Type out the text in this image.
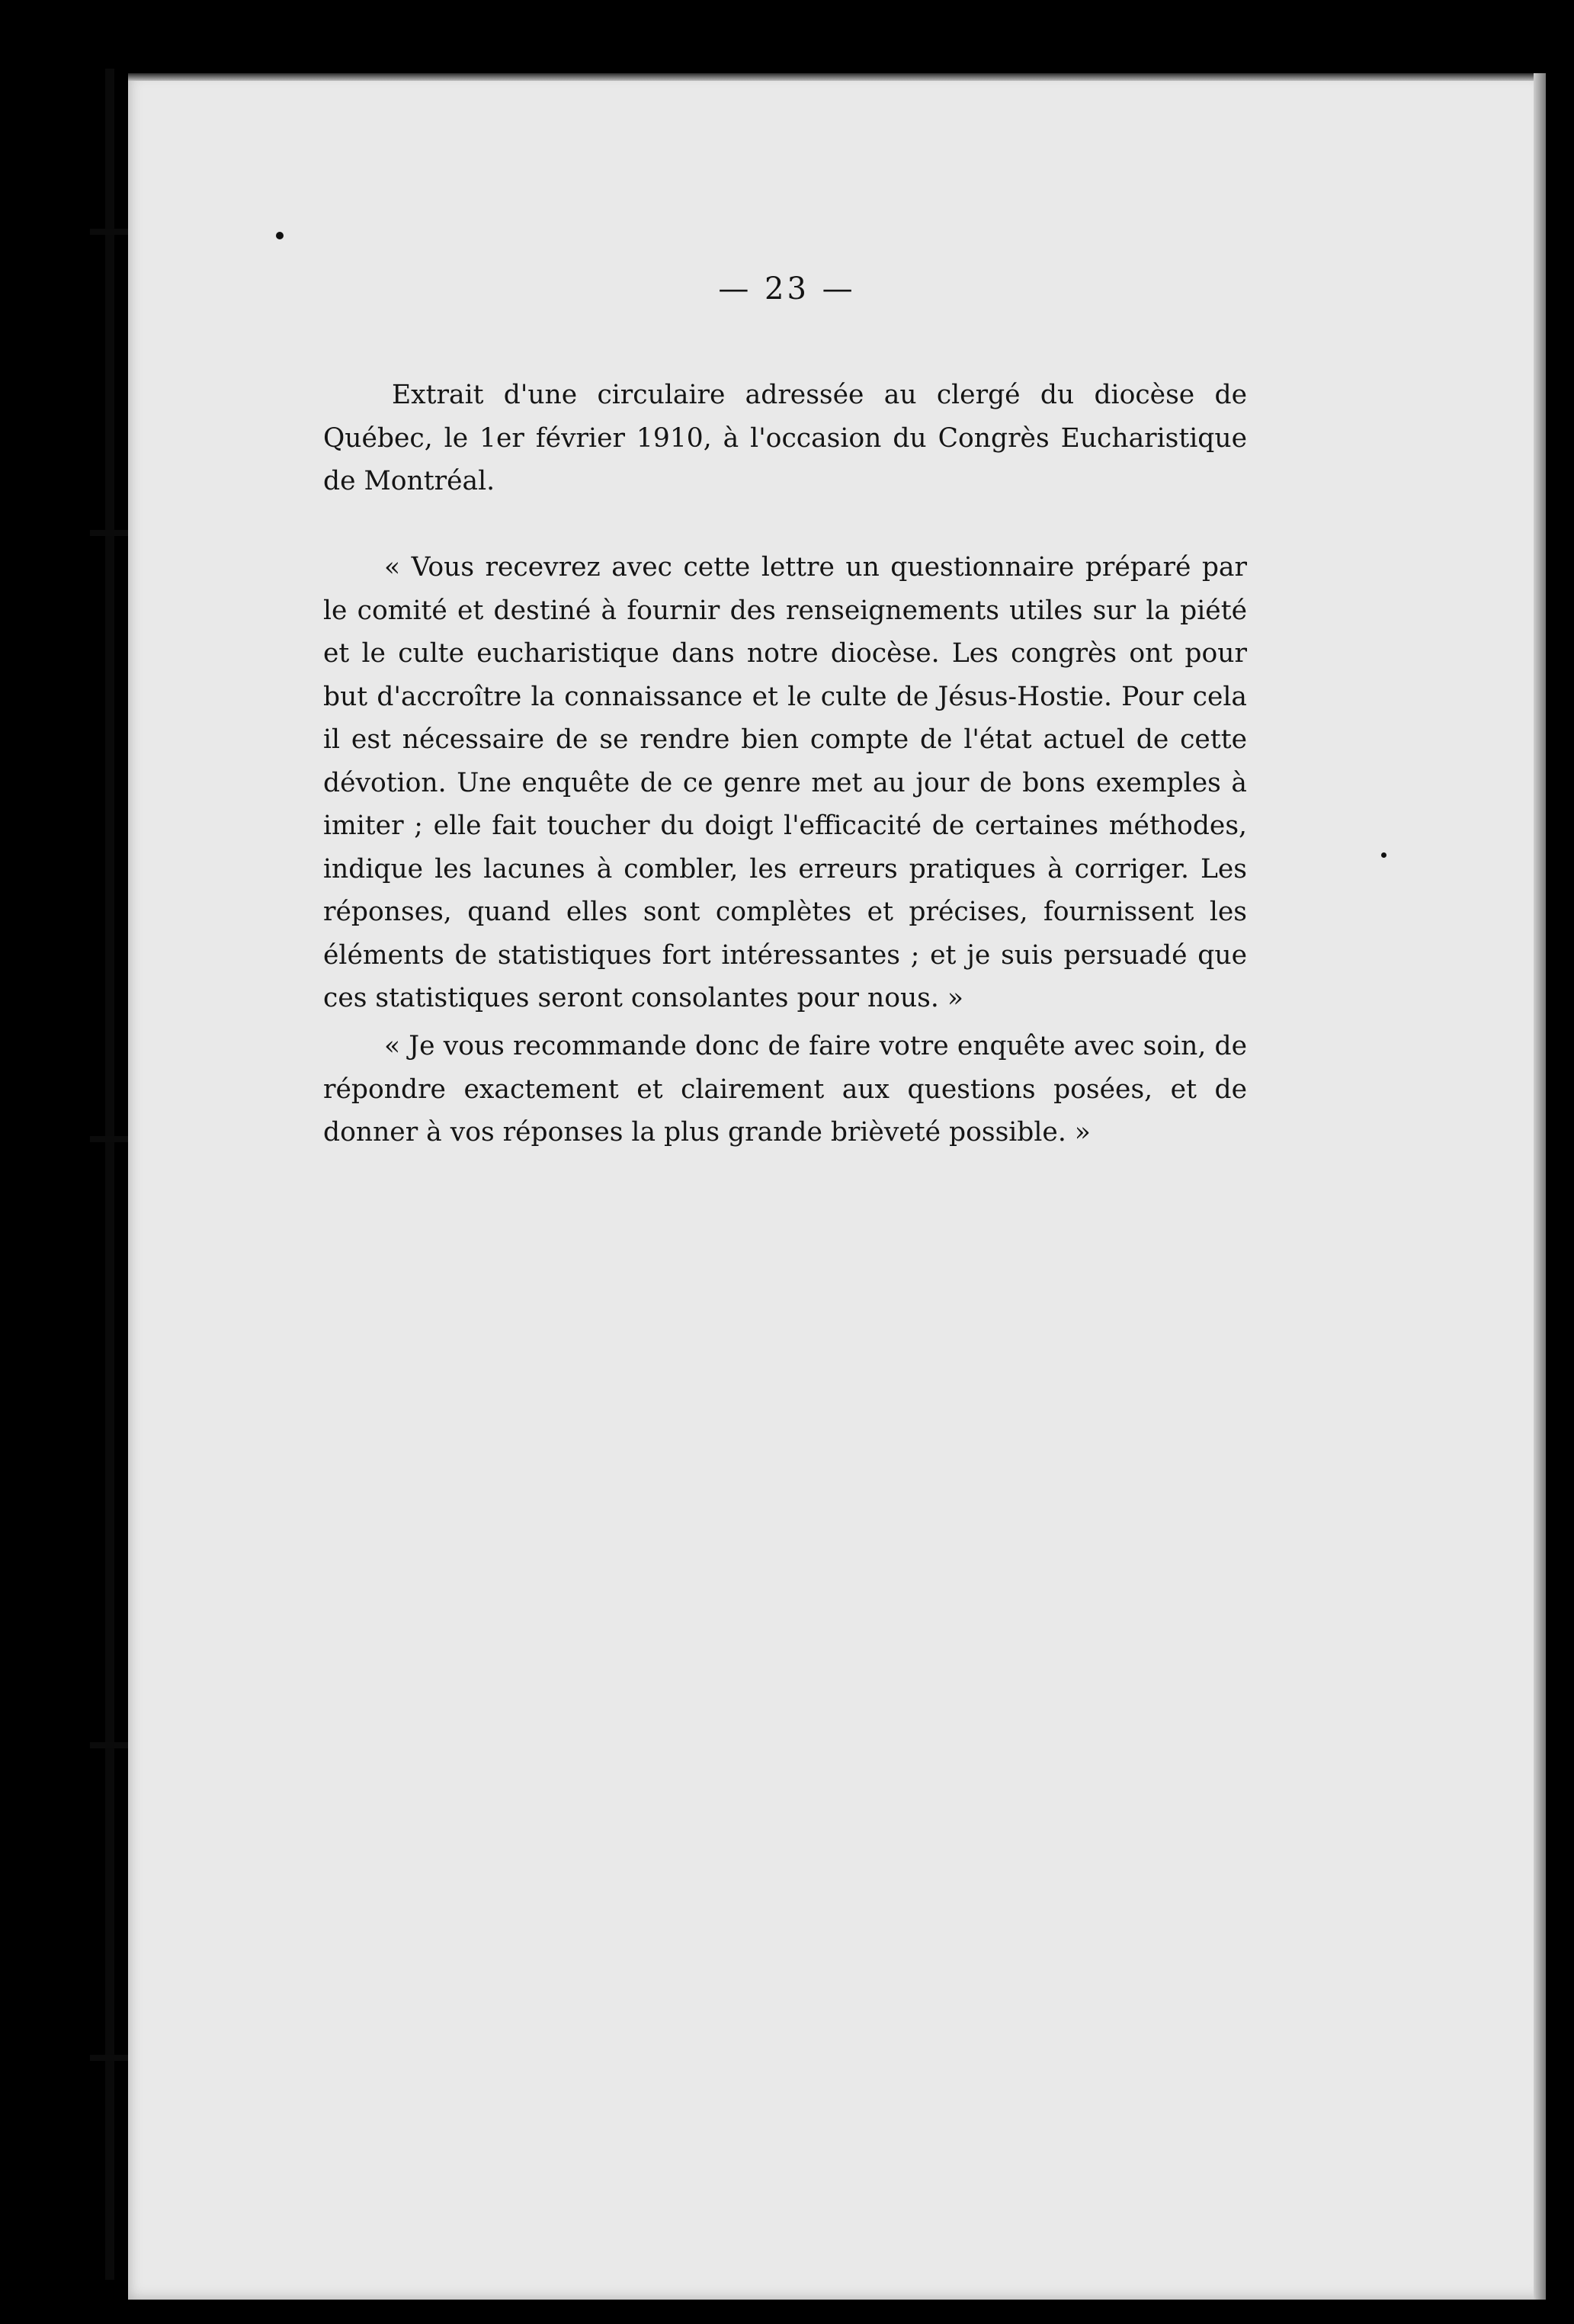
— 23 —

Extrait d'une circulaire adressée au clergé du diocèse de Québec, le 1er février 1910, à l'occasion du Congrès Eucharistique de Montréal.

« Vous recevrez avec cette lettre un questionnaire préparé par le comité et destiné à fournir des renseignements utiles sur la piété et le culte eucharistique dans notre diocèse. Les congrès ont pour but d'accroître la connaissance et le culte de Jésus-Hostie. Pour cela il est nécessaire de se rendre bien compte de l'état actuel de cette dévotion. Une enquête de ce genre met au jour de bons exemples à imiter ; elle fait toucher du doigt l'efficacité de certaines méthodes, indique les lacunes à combler, les erreurs pratiques à corriger. Les réponses, quand elles sont complètes et précises, fournissent les éléments de statistiques fort intéressantes ; et je suis persuadé que ces statistiques seront consolantes pour nous. »

« Je vous recommande donc de faire votre enquête avec soin, de répondre exactement et clairement aux questions posées, et de donner à vos réponses la plus grande brièveté possible. »
